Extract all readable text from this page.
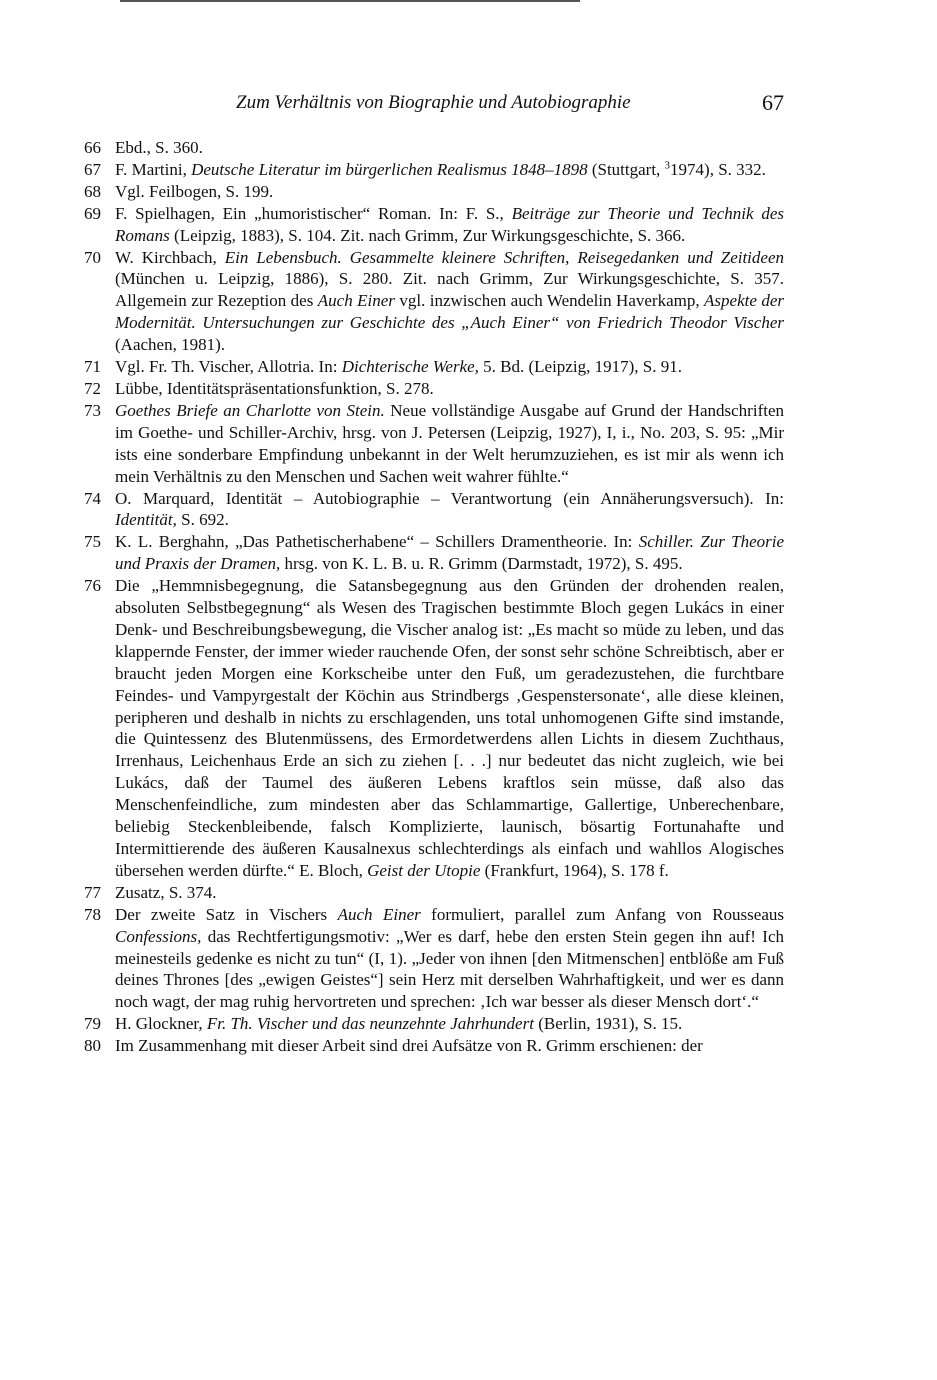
Zum Verhältnis von Biographie und Autobiographie	67
66 Ebd., S. 360.
67 F. Martini, Deutsche Literatur im bürgerlichen Realismus 1848–1898 (Stuttgart, $^3$1974), S. 332.
68 Vgl. Feilbogen, S. 199.
69 F. Spielhagen, Ein „humoristischer“ Roman. In: F. S., Beiträge zur Theorie und Technik des Romans (Leipzig, 1883), S. 104. Zit. nach Grimm, Zur Wirkungsgeschichte, S. 366.
70 W. Kirchbach, Ein Lebensbuch. Gesammelte kleinere Schriften, Reisegedanken und Zeitideen (München u. Leipzig, 1886), S. 280. Zit. nach Grimm, Zur Wirkungsgeschichte, S. 357. Allgemein zur Rezeption des Auch Einer vgl. inzwischen auch Wendelin Haverkamp, Aspekte der Modernität. Untersuchungen zur Geschichte des „Auch Einer“ von Friedrich Theodor Vischer (Aachen, 1981).
71 Vgl. Fr. Th. Vischer, Allotria. In: Dichterische Werke, 5. Bd. (Leipzig, 1917), S. 91.
72 Lübbe, Identitätspräsentationsfunktion, S. 278.
73 Goethes Briefe an Charlotte von Stein. Neue vollständige Ausgabe auf Grund der Handschriften im Goethe- und Schiller-Archiv, hrsg. von J. Petersen (Leipzig, 1927), I, i., No. 203, S. 95: „Mir ists eine sonderbare Empfindung unbekannt in der Welt herumzuziehen, es ist mir als wenn ich mein Verhältnis zu den Menschen und Sachen weit wahrer fühlte.“
74 O. Marquard, Identität – Autobiographie – Verantwortung (ein Annäherungsversuch). In: Identität, S. 692.
75 K. L. Berghahn, „Das Pathetischerhabene“ – Schillers Dramentheorie. In: Schiller. Zur Theorie und Praxis der Dramen, hrsg. von K. L. B. u. R. Grimm (Darmstadt, 1972), S. 495.
76 Die „Hemmnisbegegnung, die Satansbegegnung aus den Gründen der drohenden realen, absoluten Selbstbegegnung“ als Wesen des Tragischen bestimmte Bloch gegen Lukács in einer Denk- und Beschreibungsbewegung, die Vischer analog ist: „Es macht so müde zu leben, und das klappernde Fenster, der immer wieder rauchende Ofen, der sonst sehr schöne Schreibtisch, aber er braucht jeden Morgen eine Korkscheibe unter den Fuß, um geradezustehen, die furchtbare Feindes- und Vampyrgestalt der Köchin aus Strindbergs ‚Gespenstersonate‘, alle diese kleinen, peripheren und deshalb in nichts zu erschlagenden, uns total unhomogenen Gifte sind imstande, die Quintessenz des Blutenmüssens, des Ermordetwerdens allen Lichts in diesem Zuchthaus, Irrenhaus, Leichenhaus Erde an sich zu ziehen [. . .] nur bedeutet das nicht zugleich, wie bei Lukács, daß der Taumel des äußeren Lebens kraftlos sein müsse, daß also das Menschenfeindliche, zum mindesten aber das Schlammartige, Gallertige, Unberechenbare, beliebig Steckenbleibende, falsch Komplizierte, launisch, bösartig Fortunahafte und Intermittierende des äußeren Kausalnexus schlechterdings als einfach und wahllos Alogisches übersehen werden dürfte.“ E. Bloch, Geist der Utopie (Frankfurt, 1964), S. 178 f.
77 Zusatz, S. 374.
78 Der zweite Satz in Vischers Auch Einer formuliert, parallel zum Anfang von Rousseaus Confessions, das Rechtfertigungsmotiv: „Wer es darf, hebe den ersten Stein gegen ihn auf! Ich meinesteils gedenke es nicht zu tun“ (I, 1). „Jeder von ihnen [den Mitmenschen] entblöße am Fuß deines Thrones [des „ewigen Geistes“] sein Herz mit derselben Wahrhaftigkeit, und wer es dann noch wagt, der mag ruhig hervortreten und sprechen: ‚Ich war besser als dieser Mensch dort‘.“
79 H. Glockner, Fr. Th. Vischer und das neunzehnte Jahrhundert (Berlin, 1931), S. 15.
80 Im Zusammenhang mit dieser Arbeit sind drei Aufsätze von R. Grimm erschienen: der
